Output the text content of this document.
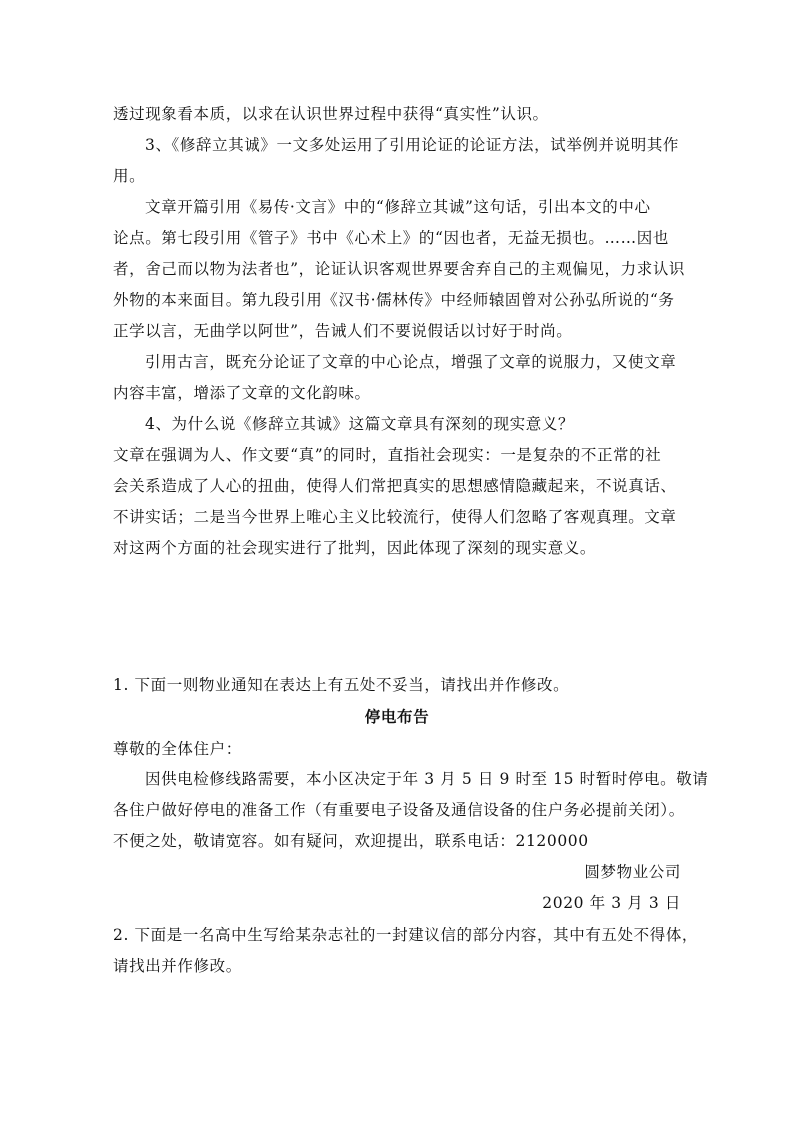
透过现象看本质，以求在认识世界过程中获得“真实性”认识。
3、《修辞立其诚》一文多处运用了引用论证的论证方法，试举例并说明其作
用。
文章开篇引用《易传·文言》中的“修辞立其诚”这句话，引出本文的中心
论点。第七段引用《管子》书中《心术上》的“因也者，无益无损也。……因也
者，舍己而以物为法者也”，论证认识客观世界要舍弃自己的主观偏见，力求认识
外物的本来面目。第九段引用《汉书·儒林传》中经师辕固曾对公孙弘所说的“务
正学以言，无曲学以阿世”，告诫人们不要说假话以讨好于时尚。
引用古言，既充分论证了文章的中心论点，增强了文章的说服力，又使文章
内容丰富，增添了文章的文化韵味。
4、为什么说《修辞立其诚》这篇文章具有深刻的现实意义？
文章在强调为人、作文要“真”的同时，直指社会现实：一是复杂的不正常的社
会关系造成了人心的扭曲，使得人们常把真实的思想感情隐藏起来，不说真话、
不讲实话；二是当今世界上唯心主义比较流行，使得人们忽略了客观真理。文章
对这两个方面的社会现实进行了批判，因此体现了深刻的现实意义。
1. 下面一则物业通知在表达上有五处不妥当，请找出并作修改。
停电布告
尊敬的全体住户：
因供电检修线路需要，本小区决定于年 3 月 5 日 9 时至 15 时暂时停电。敬请
各住户做好停电的准备工作（有重要电子设备及通信设备的住户务必提前关闭）。
不便之处，敬请宽容。如有疑问，欢迎提出，联系电话：2120000
圆梦物业公司
2020 年 3 月 3 日
2. 下面是一名高中生写给某杂志社的一封建议信的部分内容，其中有五处不得体，
请找出并作修改。
